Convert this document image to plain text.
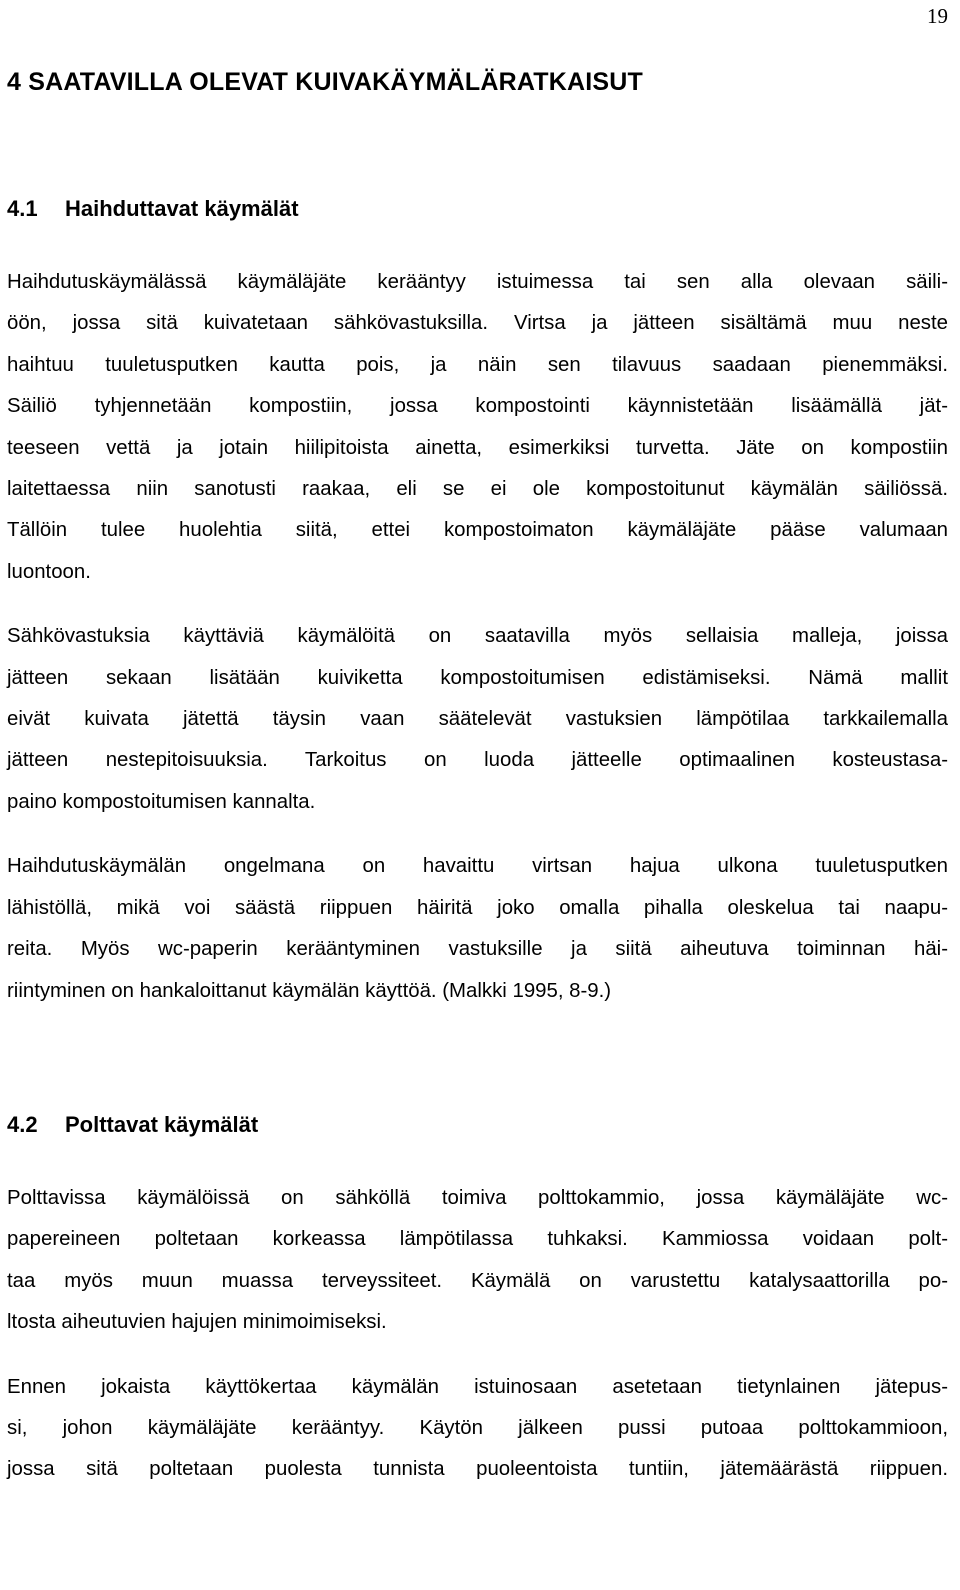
19
4 SAATAVILLA OLEVAT KUIVAKÄYMÄLÄRATKAISUT
4.1 Haihduttavat käymälät

Haihdutuskäymälässä käymäläjäte kerääntyy istuimessa tai sen alla olevaan säili-
öön, jossa sitä kuivatetaan sähkövastuksilla. Virtsa ja jätteen sisältämä muu neste
haihtuu tuuletusputken kautta pois, ja näin sen tilavuus saadaan pienemmäksi.
Säiliö tyhjennetään kompostiin, jossa kompostointi käynnistetään lisäämällä jät-
teeseen vettä ja jotain hiilipitoista ainetta, esimerkiksi turvetta. Jäte on kompostiin
laitettaessa niin sanotusti raakaa, eli se ei ole kompostoitunut käymälän säiliössä.
Tällöin tulee huolehtia siitä, ettei kompostoimaton käymäläjäte pääse valumaan
luontoon.

Sähkövastuksia käyttäviä käymälöitä on saatavilla myös sellaisia malleja, joissa
jätteen sekaan lisätään kuiviketta kompostoitumisen edistämiseksi. Nämä mallit
eivät kuivata jätettä täysin vaan säätelevät vastuksien lämpötilaa tarkkailemalla
jätteen nestepitoisuuksia. Tarkoitus on luoda jätteelle optimaalinen kosteustasa-
paino kompostoitumisen kannalta.

Haihdutuskäymälän ongelmana on havaittu virtsan hajua ulkona tuuletusputken
lähistöllä, mikä voi säästä riippuen häiritä joko omalla pihalla oleskelua tai naapu-
reita. Myös wc-paperin kerääntyminen vastuksille ja siitä aiheutuva toiminnan häi-
riintyminen on hankaloittanut käymälän käyttöä. (Malkki 1995, 8-9.)

4.2 Polttavat käymälät

Polttavissa käymälöissä on sähköllä toimiva polttokammio, jossa käymäläjäte wc-
papereineen poltetaan korkeassa lämpötilassa tuhkaksi. Kammiossa voidaan polt-
taa myös muun muassa terveyssiteet. Käymälä on varustettu katalysaattorilla po-
ltosta aiheutuvien hajujen minimoimiseksi.

Ennen jokaista käyttökertaa käymälän istuinosaan asetetaan tietynlainen jätepus-
si, johon käymäläjäte kerääntyy. Käytön jälkeen pussi putoaa polttokammioon,
jossa sitä poltetaan puolesta tunnista puoleentoista tuntiin, jätemäärästä riippuen.
